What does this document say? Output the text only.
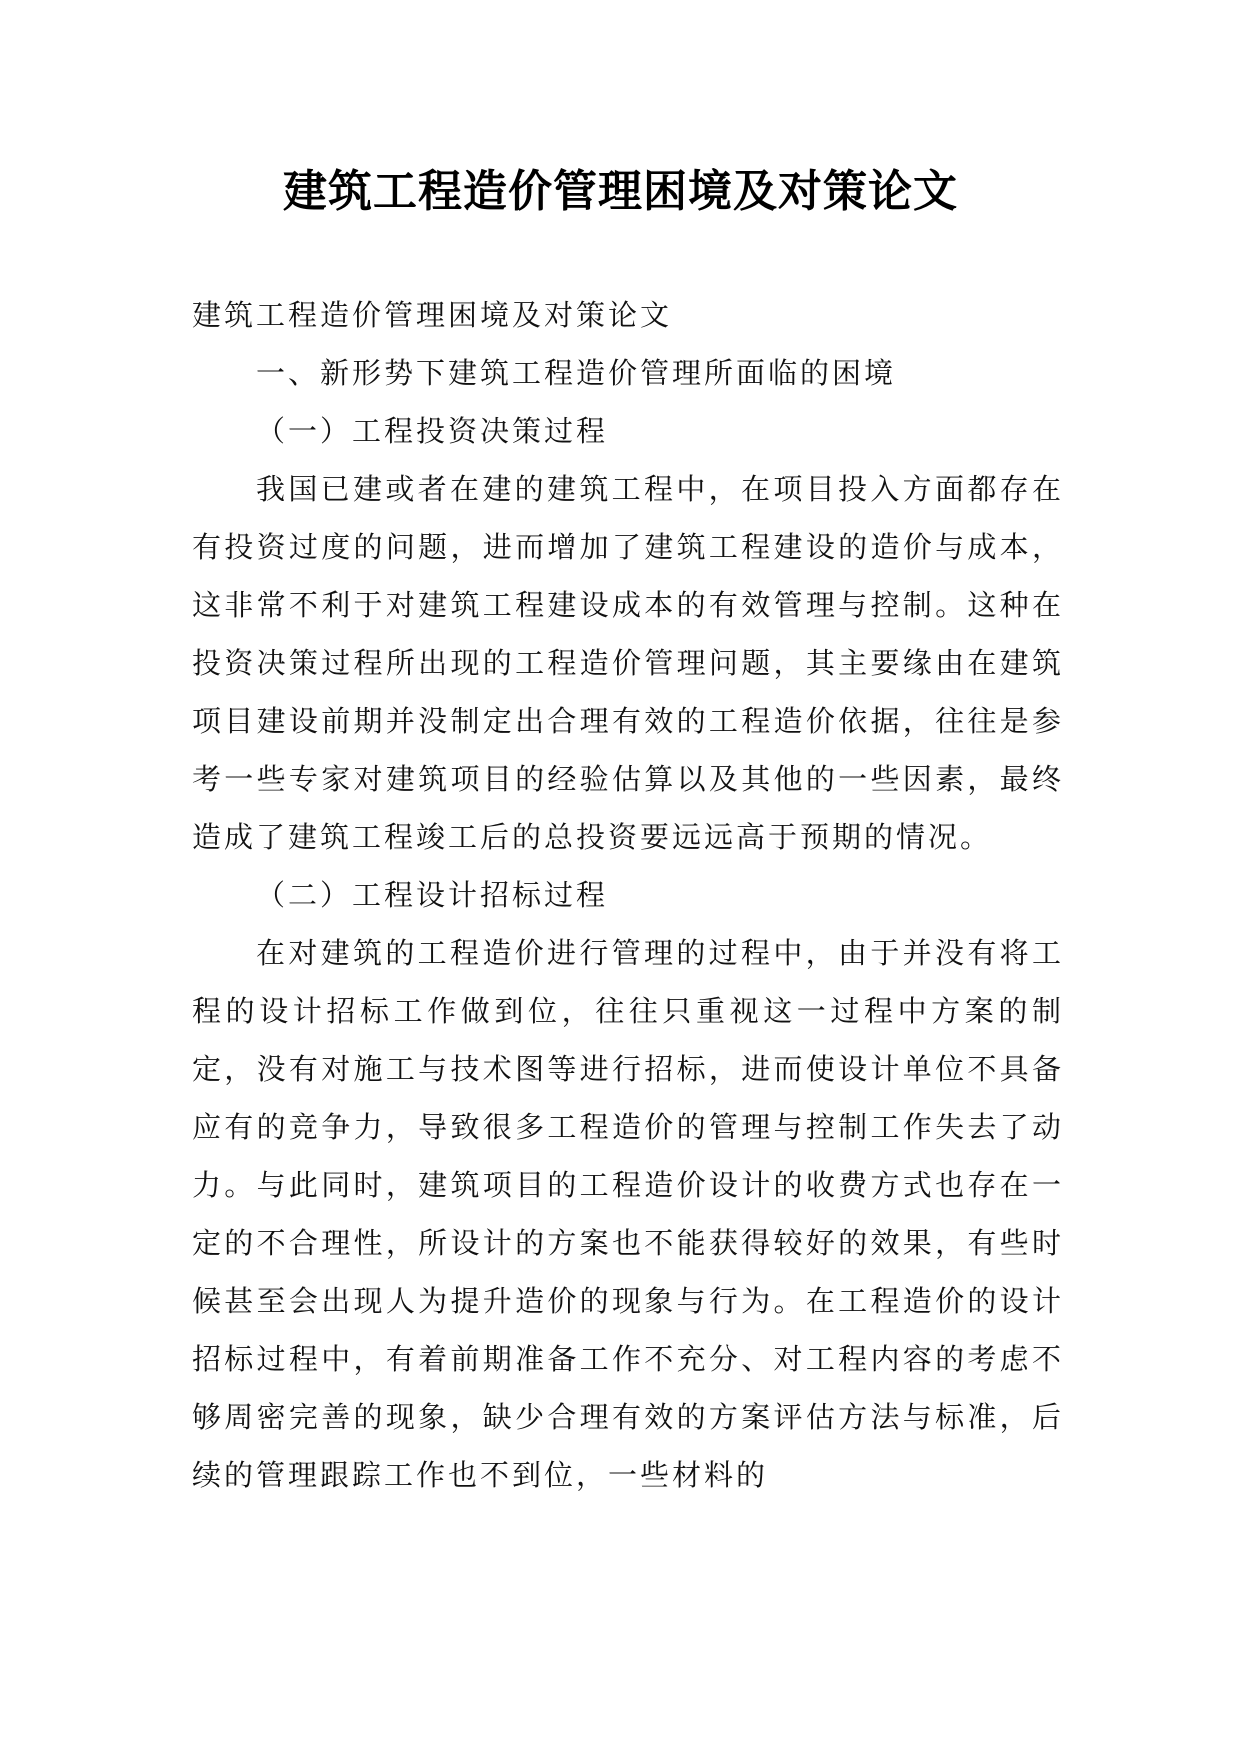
建筑工程造价管理困境及对策论文

建筑工程造价管理困境及对策论文

一、新形势下建筑工程造价管理所面临的困境

（一）工程投资决策过程

我国已建或者在建的建筑工程中，在项目投入方面都存在有投资过度的问题，进而增加了建筑工程建设的造价与成本，这非常不利于对建筑工程建设成本的有效管理与控制。这种在投资决策过程所出现的工程造价管理问题，其主要缘由在建筑项目建设前期并没制定出合理有效的工程造价依据，往往是参考一些专家对建筑项目的经验估算以及其他的一些因素，最终造成了建筑工程竣工后的总投资要远远高于预期的情况。

（二）工程设计招标过程

在对建筑的工程造价进行管理的过程中，由于并没有将工程的设计招标工作做到位，往往只重视这一过程中方案的制定，没有对施工与技术图等进行招标，进而使设计单位不具备应有的竞争力，导致很多工程造价的管理与控制工作失去了动力。与此同时，建筑项目的工程造价设计的收费方式也存在一定的不合理性，所设计的方案也不能获得较好的效果，有些时候甚至会出现人为提升造价的现象与行为。在工程造价的设计招标过程中，有着前期准备工作不充分、对工程内容的考虑不够周密完善的现象，缺少合理有效的方案评估方法与标准，后续的管理跟踪工作也不到位，一些材料的
